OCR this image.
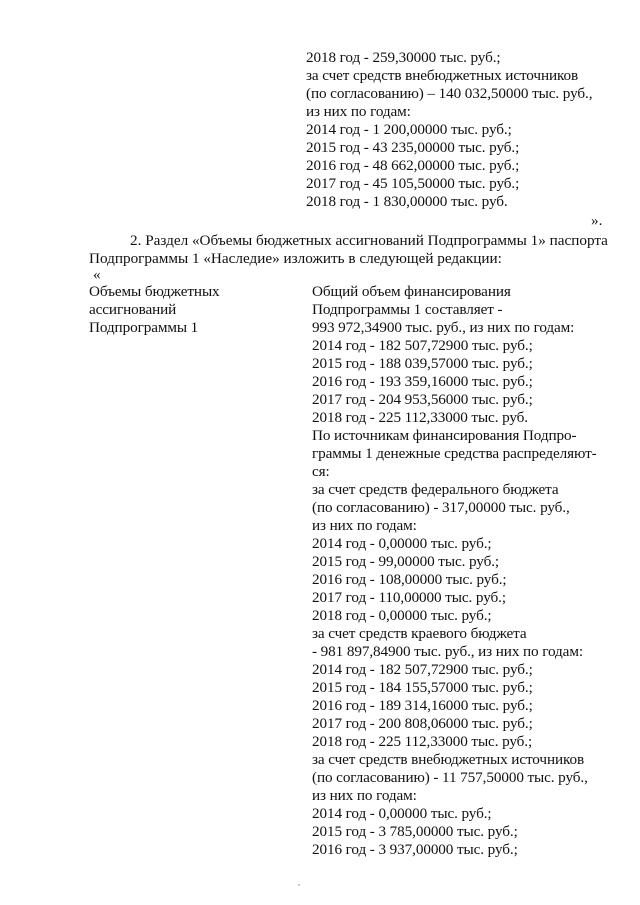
2018 год - 259,30000 тыс. руб.;
за счет средств внебюджетных источников
(по согласованию) – 140 032,50000 тыс. руб.,
из них по годам:
2014 год - 1 200,00000 тыс. руб.;
2015 год - 43 235,00000 тыс. руб.;
2016 год - 48 662,00000 тыс. руб.;
2017 год - 45 105,50000 тыс. руб.;
2018 год - 1 830,00000 тыс. руб.
».
2. Раздел «Объемы бюджетных ассигнований Подпрограммы 1» паспорта
Подпрограммы 1 «Наследие» изложить в следующей редакции:
«
Объемы бюджетных
ассигнований
Подпрограммы 1
Общий объем финансирования
Подпрограммы 1 составляет -
993 972,34900 тыс. руб., из них по годам:
2014 год - 182 507,72900 тыс. руб.;
2015 год - 188 039,57000 тыс. руб.;
2016 год - 193 359,16000 тыс. руб.;
2017 год - 204 953,56000 тыс. руб.;
2018 год - 225 112,33000 тыс. руб.
По источникам финансирования Подпро-
граммы 1 денежные средства распределяют-
ся:
за счет средств федерального бюджета
(по согласованию) - 317,00000 тыс. руб.,
из них по годам:
2014 год - 0,00000 тыс. руб.;
2015 год - 99,00000 тыс. руб.;
2016 год - 108,00000 тыс. руб.;
2017 год - 110,00000 тыс. руб.;
2018 год - 0,00000 тыс. руб.;
за счет средств краевого бюджета
- 981 897,84900 тыс. руб., из них по годам:
2014 год - 182 507,72900 тыс. руб.;
2015 год - 184 155,57000 тыс. руб.;
2016 год - 189 314,16000 тыс. руб.;
2017 год - 200 808,06000 тыс. руб.;
2018 год - 225 112,33000 тыс. руб.;
за счет средств внебюджетных источников
(по согласованию) - 11 757,50000 тыс. руб.,
из них по годам:
2014 год - 0,00000 тыс. руб.;
2015 год - 3 785,00000 тыс. руб.;
2016 год - 3 937,00000 тыс. руб.;
